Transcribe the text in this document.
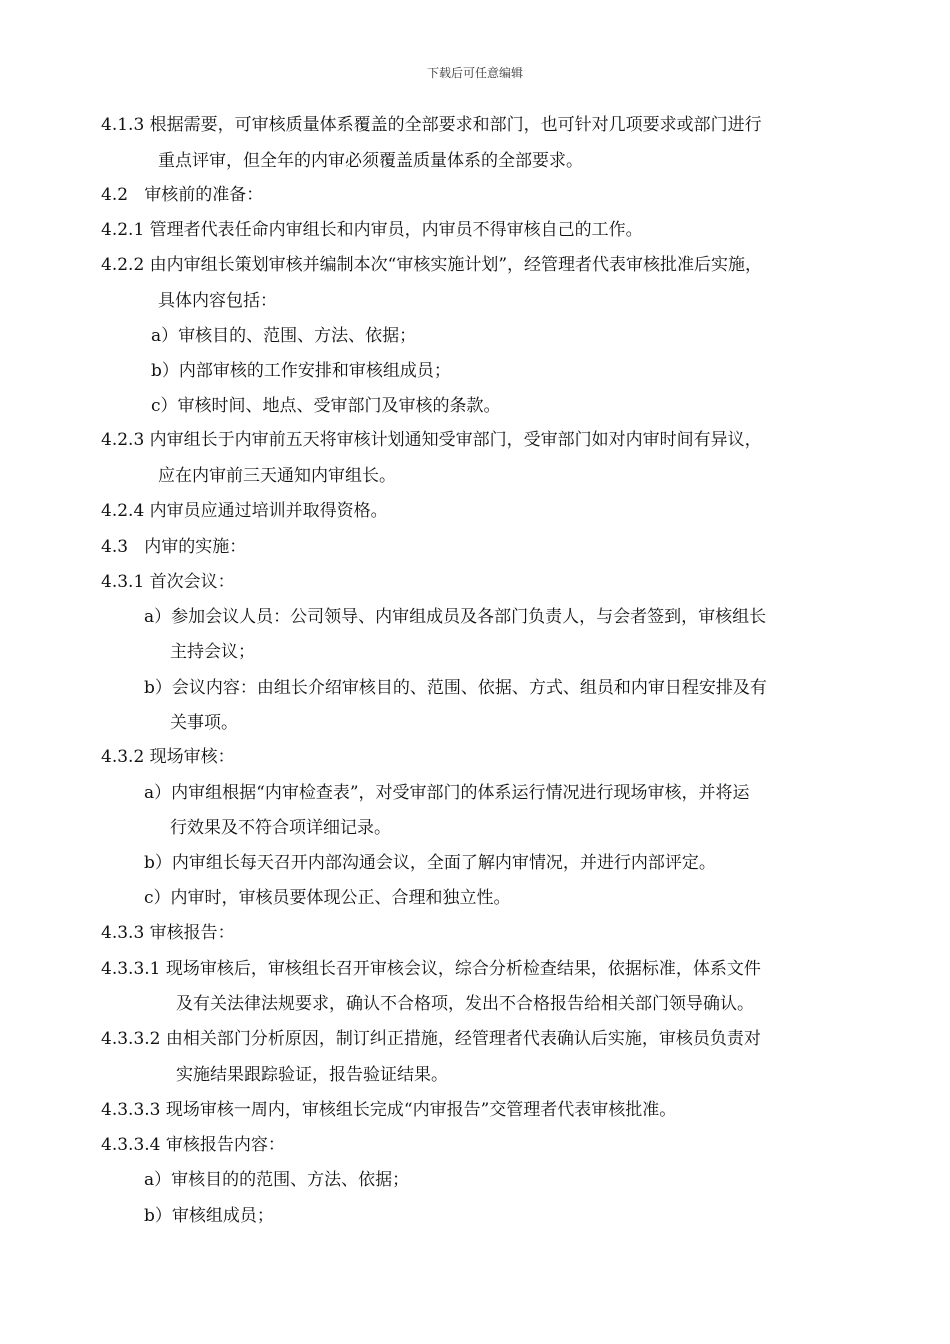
下载后可任意编辑
4.1.3 根据需要，可审核质量体系覆盖的全部要求和部门，也可针对几项要求或部门进行
重点评审，但全年的内审必须覆盖质量体系的全部要求。
4.2   审核前的准备：
4.2.1 管理者代表任命内审组长和内审员，内审员不得审核自己的工作。
4.2.2 由内审组长策划审核并编制本次“审核实施计划”，经管理者代表审核批准后实施，
具体内容包括：
a）审核目的、范围、方法、依据；
b）内部审核的工作安排和审核组成员；
c）审核时间、地点、受审部门及审核的条款。
4.2.3 内审组长于内审前五天将审核计划通知受审部门，受审部门如对内审时间有异议，
应在内审前三天通知内审组长。
4.2.4 内审员应通过培训并取得资格。
4.3   内审的实施：
4.3.1 首次会议：
a）参加会议人员：公司领导、内审组成员及各部门负责人，与会者签到，审核组长
主持会议；
b）会议内容：由组长介绍审核目的、范围、依据、方式、组员和内审日程安排及有
关事项。
4.3.2 现场审核：
a）内审组根据“内审检查表”，对受审部门的体系运行情况进行现场审核，并将运
行效果及不符合项详细记录。
b）内审组长每天召开内部沟通会议，全面了解内审情况，并进行内部评定。
c）内审时，审核员要体现公正、合理和独立性。
4.3.3 审核报告：
4.3.3.1 现场审核后，审核组长召开审核会议，综合分析检查结果，依据标准，体系文件
及有关法律法规要求，确认不合格项，发出不合格报告给相关部门领导确认。
4.3.3.2 由相关部门分析原因，制订纠正措施，经管理者代表确认后实施，审核员负责对
实施结果跟踪验证，报告验证结果。
4.3.3.3 现场审核一周内，审核组长完成“内审报告”交管理者代表审核批准。
4.3.3.4 审核报告内容：
a）审核目的的范围、方法、依据；
b）审核组成员；
